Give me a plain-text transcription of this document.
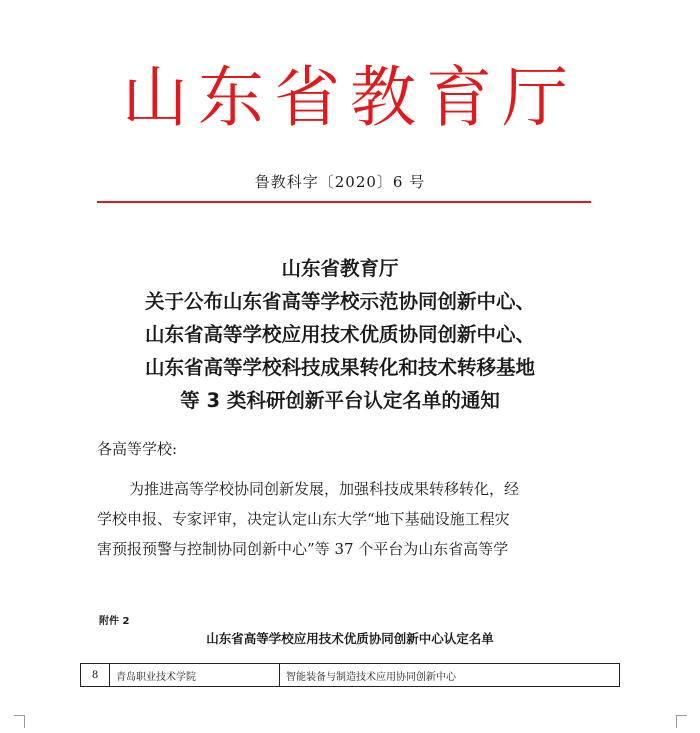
山东省教育厅
鲁教科字〔2020〕6 号
山东省教育厅
关于公布山东省高等学校示范协同创新中心、
山东省高等学校应用技术优质协同创新中心、
山东省高等学校科技成果转化和技术转移基地
等 3 类科研创新平台认定名单的通知
各高等学校:
为推进高等学校协同创新发展，加强科技成果转移转化，经
学校申报、专家评审，决定认定山东大学“地下基础设施工程灾
害预报预警与控制协同创新中心”等 37 个平台为山东省高等学
附件 2
山东省高等学校应用技术优质协同创新中心认定名单
8	青岛职业技术学院	智能装备与制造技术应用协同创新中心
